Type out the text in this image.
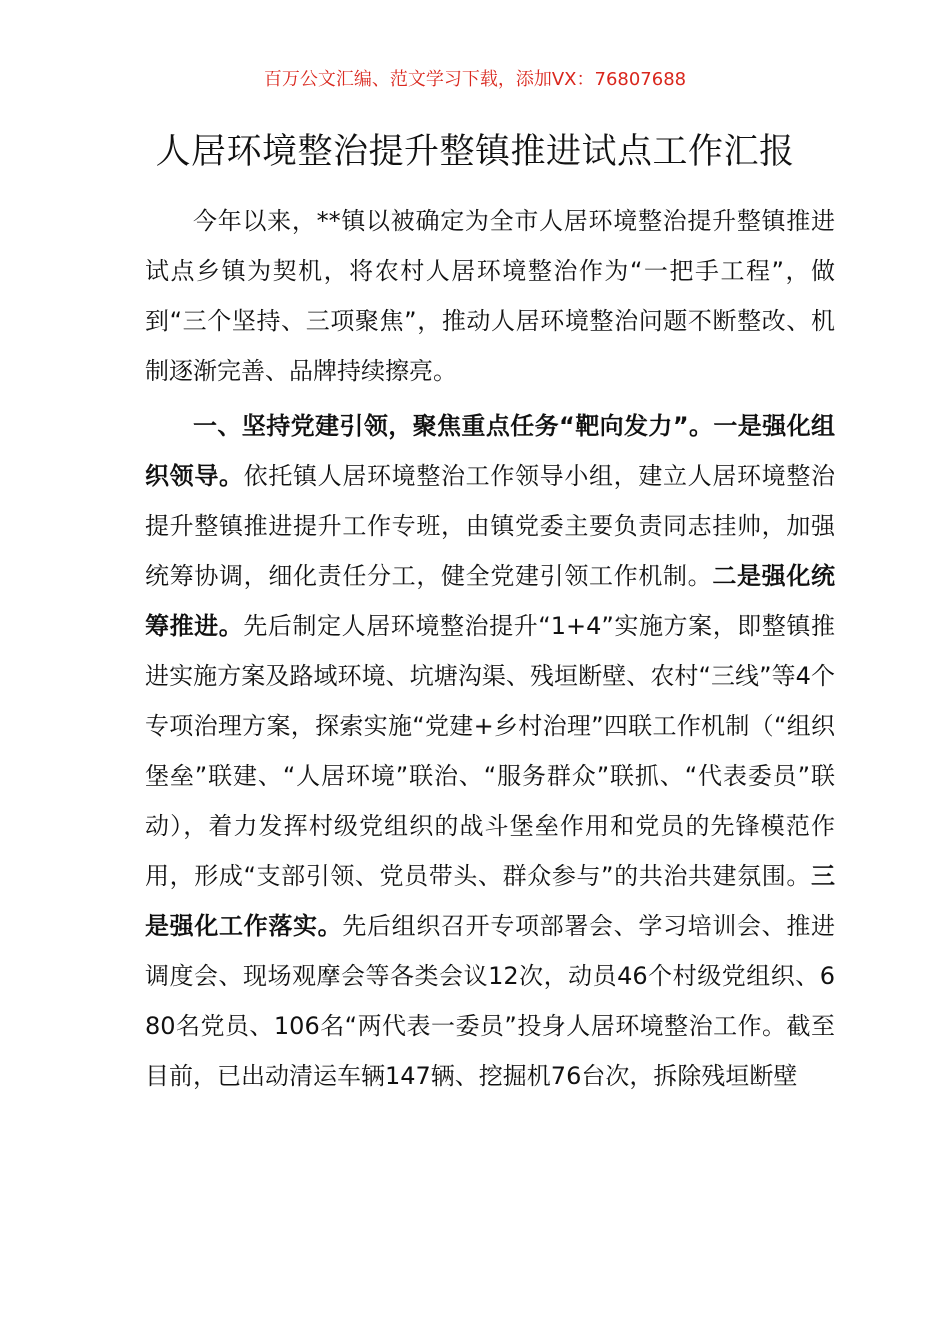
百万公文汇编、范文学习下载，添加VX：76807688
人居环境整治提升整镇推进试点工作汇报

今年以来，**镇以被确定为全市人居环境整治提升整镇推进试点乡镇为契机，将农村人居环境整治作为“一把手工程”，做到“三个坚持、三项聚焦”，推动人居环境整治问题不断整改、机制逐渐完善、品牌持续擦亮。

一、坚持党建引领，聚焦重点任务“靶向发力”。一是强化组织领导。依托镇人居环境整治工作领导小组，建立人居环境整治提升整镇推进提升工作专班，由镇党委主要负责同志挂帅，加强统筹协调，细化责任分工，健全党建引领工作机制。二是强化统筹推进。先后制定人居环境整治提升“1+4”实施方案，即整镇推进实施方案及路域环境、坑塘沟渠、残垣断壁、农村“三线”等4个专项治理方案，探索实施“党建+乡村治理”四联工作机制（“组织堡垒”联建、“人居环境”联治、“服务群众”联抓、“代表委员”联动），着力发挥村级党组织的战斗堡垒作用和党员的先锋模范作用，形成“支部引领、党员带头、群众参与”的共治共建氛围。三是强化工作落实。先后组织召开专项部署会、学习培训会、推进调度会、现场观摩会等各类会议12次，动员46个村级党组织、680名党员、106名“两代表一委员”投身人居环境整治工作。截至目前，已出动清运车辆147辆、挖掘机76台次，拆除残垣断壁
